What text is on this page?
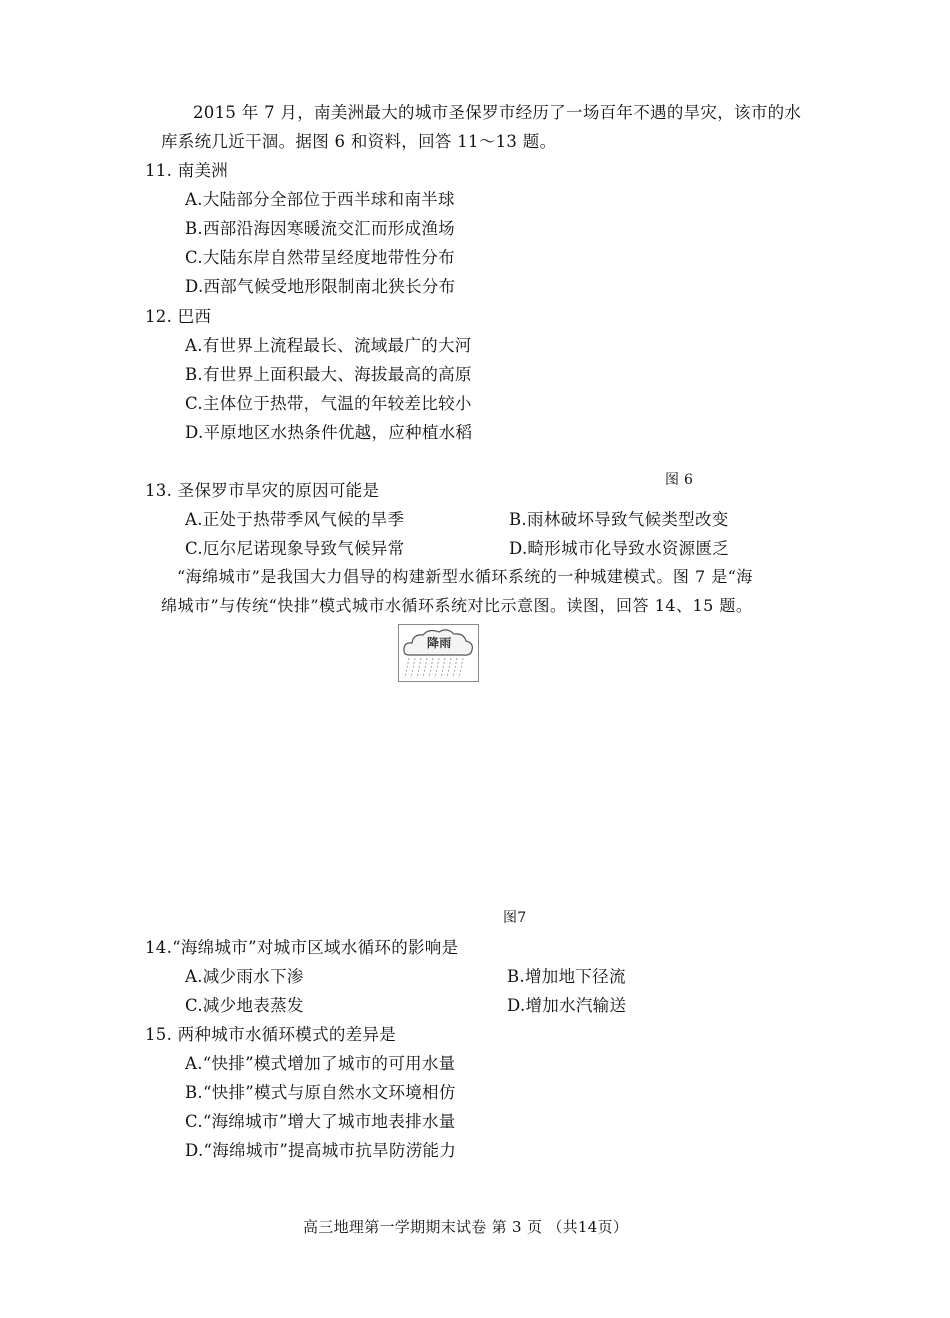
2015 年 7 月，南美洲最大的城市圣保罗市经历了一场百年不遇的旱灾，该市的水
库系统几近干涸。据图 6 和资料，回答 11～13 题。
11. 南美洲
A.大陆部分全部位于西半球和南半球
B.西部沿海因寒暖流交汇而形成渔场
C.大陆东岸自然带呈经度地带性分布
D.西部气候受地形限制南北狭长分布
12. 巴西
A.有世界上流程最长、流域最广的大河
B.有世界上面积最大、海拔最高的高原
C.主体位于热带，气温的年较差比较小
D.平原地区水热条件优越，应种植水稻
图 6
13. 圣保罗市旱灾的原因可能是
A.正处于热带季风气候的旱季	B.雨林破坏导致气候类型改变
C.厄尔尼诺现象导致气候异常	D.畸形城市化导致水资源匮乏
“海绵城市”是我国大力倡导的构建新型水循环系统的一种城建模式。图 7 是“海
绵城市”与传统“快排”模式城市水循环系统对比示意图。读图，回答 14、15 题。
降雨
图7
14.“海绵城市”对城市区域水循环的影响是
A.减少雨水下渗	B.增加地下径流
C.减少地表蒸发	D.增加水汽输送
15. 两种城市水循环模式的差异是
A.“快排”模式增加了城市的可用水量
B.“快排”模式与原自然水文环境相仿
C.“海绵城市”增大了城市地表排水量
D.“海绵城市”提高城市抗旱防涝能力
高三地理第一学期期末试卷 第 3 页 （共14页）
